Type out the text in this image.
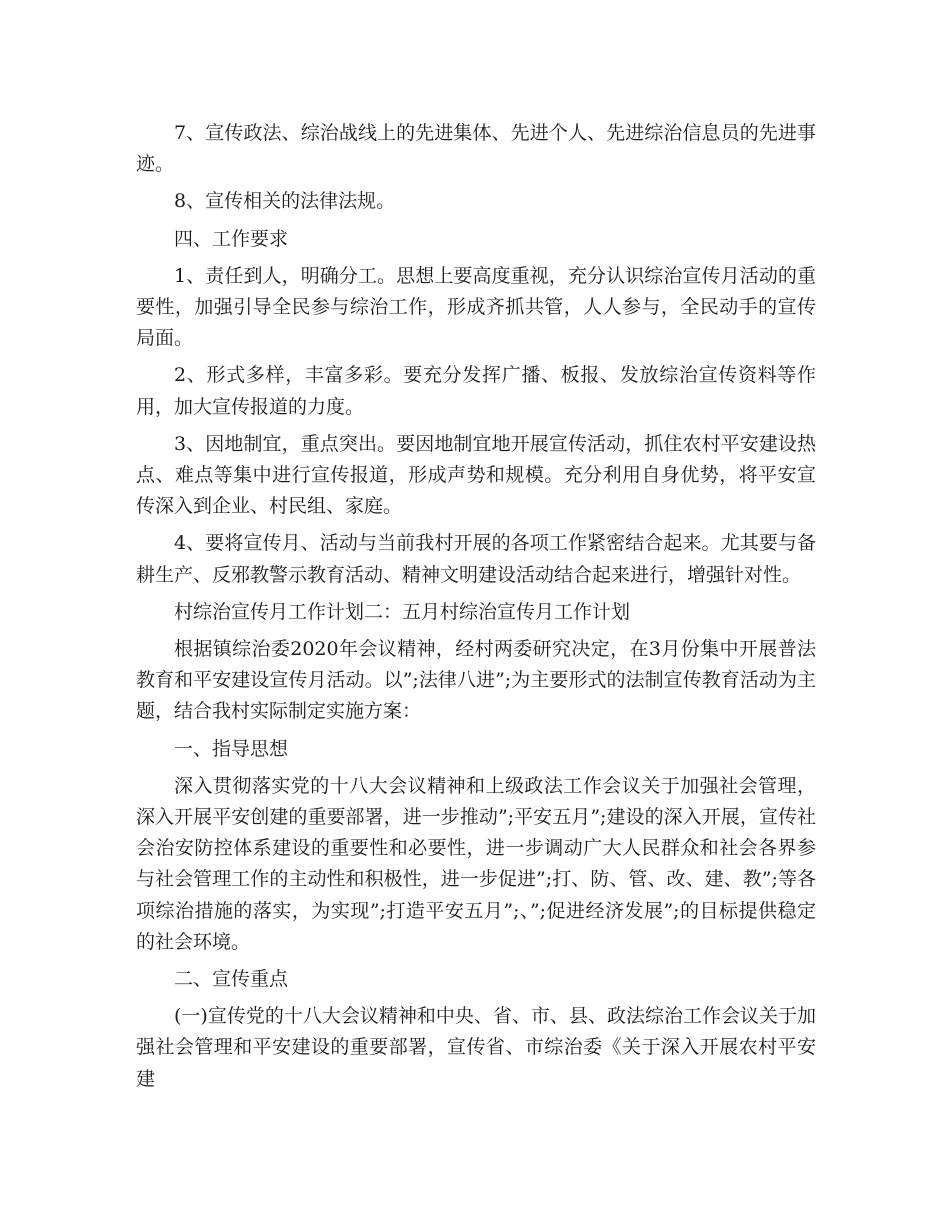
7、宣传政法、综治战线上的先进集体、先进个人、先进综治信息员的先进事迹。

8、宣传相关的法律法规。

四、工作要求

1、责任到人，明确分工。思想上要高度重视，充分认识综治宣传月活动的重要性，加强引导全民参与综治工作，形成齐抓共管，人人参与，全民动手的宣传局面。

2、形式多样，丰富多彩。要充分发挥广播、板报、发放综治宣传资料等作用，加大宣传报道的力度。

3、因地制宜，重点突出。要因地制宜地开展宣传活动，抓住农村平安建设热点、难点等集中进行宣传报道，形成声势和规模。充分利用自身优势，将平安宣传深入到企业、村民组、家庭。

4、要将宣传月、活动与当前我村开展的各项工作紧密结合起来。尤其要与备耕生产、反邪教警示教育活动、精神文明建设活动结合起来进行，增强针对性。

村综治宣传月工作计划二：五月村综治宣传月工作计划

根据镇综治委2020年会议精神，经村两委研究决定，在3月份集中开展普法教育和平安建设宣传月活动。以”;法律八进”;为主要形式的法制宣传教育活动为主题，结合我村实际制定实施方案：

一、指导思想

深入贯彻落实党的十八大会议精神和上级政法工作会议关于加强社会管理，深入开展平安创建的重要部署，进一步推动”;平安五月”;建设的深入开展，宣传社会治安防控体系建设的重要性和必要性，进一步调动广大人民群众和社会各界参与社会管理工作的主动性和积极性，进一步促进”;打、防、管、改、建、教”;等各项综治措施的落实，为实现”;打造平安五月”;、”;促进经济发展”;的目标提供稳定的社会环境。

二、宣传重点

(一)宣传党的十八大会议精神和中央、省、市、县、政法综治工作会议关于加强社会管理和平安建设的重要部署，宣传省、市综治委《关于深入开展农村平安建
